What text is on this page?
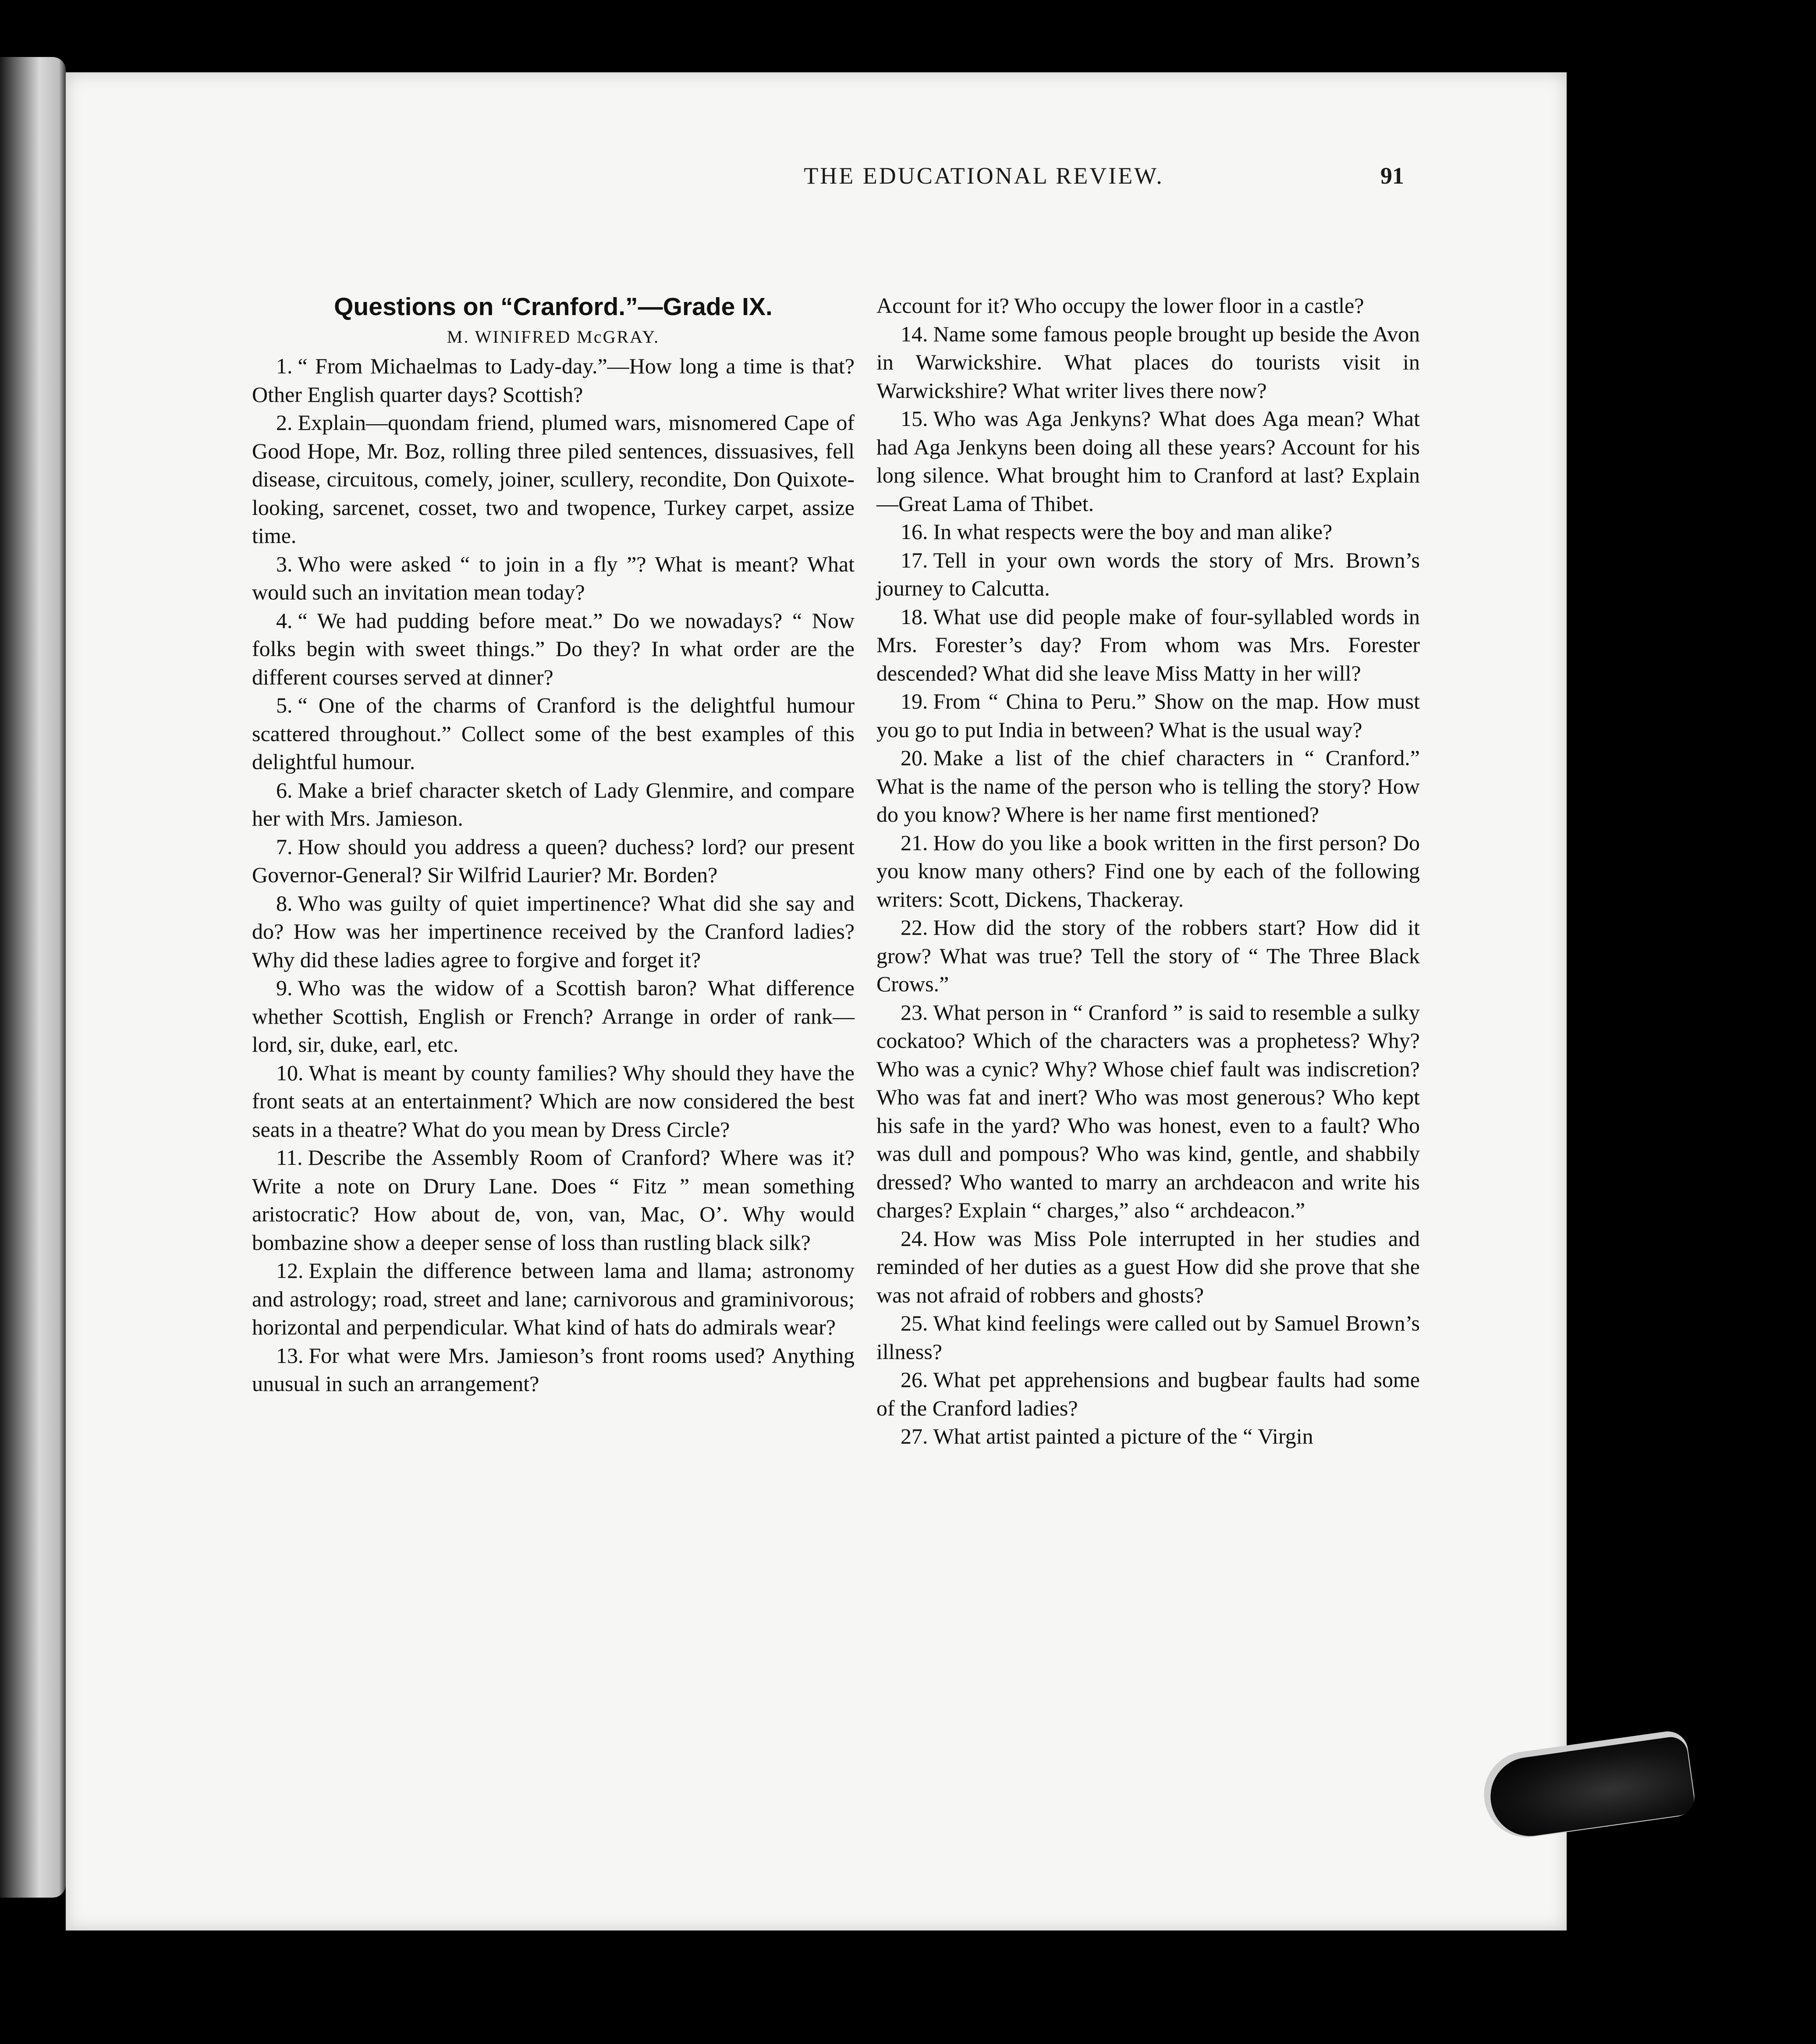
THE EDUCATIONAL REVIEW.	91

Questions on “Cranford.”—Grade IX.

M. WINIFRED McGRAY.

1. “ From Michaelmas to Lady-day.”—How long a time is that? Other English quarter days? Scottish?

2. Explain—quondam friend, plumed wars, misnomered Cape of Good Hope, Mr. Boz, rolling three piled sentences, dissuasives, fell disease, circuitous, comely, joiner, scullery, recondite, Don Quixote-looking, sarcenet, cosset, two and twopence, Turkey carpet, assize time.

3. Who were asked “ to join in a fly ”? What is meant? What would such an invitation mean today?

4. “ We had pudding before meat.” Do we nowadays? “ Now folks begin with sweet things.” Do they? In what order are the different courses served at dinner?

5. “ One of the charms of Cranford is the delightful humour scattered throughout.” Collect some of the best examples of this delightful humour.

6. Make a brief character sketch of Lady Glenmire, and compare her with Mrs. Jamieson.

7. How should you address a queen? duchess? lord? our present Governor-General? Sir Wilfrid Laurier? Mr. Borden?

8. Who was guilty of quiet impertinence? What did she say and do? How was her impertinence received by the Cranford ladies? Why did these ladies agree to forgive and forget it?

9. Who was the widow of a Scottish baron? What difference whether Scottish, English or French? Arrange in order of rank—lord, sir, duke, earl, etc.

10. What is meant by county families? Why should they have the front seats at an entertainment? Which are now considered the best seats in a theatre? What do you mean by Dress Circle?

11. Describe the Assembly Room of Cranford? Where was it? Write a note on Drury Lane. Does “ Fitz ” mean something aristocratic? How about de, von, van, Mac, O’. Why would bombazine show a deeper sense of loss than rustling black silk?

12. Explain the difference between lama and llama; astronomy and astrology; road, street and lane; carnivorous and graminivorous; horizontal and perpendicular. What kind of hats do admirals wear?

13. For what were Mrs. Jamieson’s front rooms used? Anything unusual in such an arrangement?

Account for it? Who occupy the lower floor in a castle?

14. Name some famous people brought up beside the Avon in Warwickshire. What places do tourists visit in Warwickshire? What writer lives there now?

15. Who was Aga Jenkyns? What does Aga mean? What had Aga Jenkyns been doing all these years? Account for his long silence. What brought him to Cranford at last? Explain—Great Lama of Thibet.

16. In what respects were the boy and man alike?

17. Tell in your own words the story of Mrs. Brown’s journey to Calcutta.

18. What use did people make of four-syllabled words in Mrs. Forester’s day? From whom was Mrs. Forester descended? What did she leave Miss Matty in her will?

19. From “ China to Peru.” Show on the map. How must you go to put India in between? What is the usual way?

20. Make a list of the chief characters in “ Cranford.” What is the name of the person who is telling the story? How do you know? Where is her name first mentioned?

21. How do you like a book written in the first person? Do you know many others? Find one by each of the following writers: Scott, Dickens, Thackeray.

22. How did the story of the robbers start? How did it grow? What was true? Tell the story of “ The Three Black Crows.”

23. What person in “ Cranford ” is said to resemble a sulky cockatoo? Which of the characters was a prophetess? Why? Who was a cynic? Why? Whose chief fault was indiscretion? Who was fat and inert? Who was most generous? Who kept his safe in the yard? Who was honest, even to a fault? Who was dull and pompous? Who was kind, gentle, and shabbily dressed? Who wanted to marry an archdeacon and write his charges? Explain “ charges,” also “ archdeacon.”

24. How was Miss Pole interrupted in her studies and reminded of her duties as a guest How did she prove that she was not afraid of robbers and ghosts?

25. What kind feelings were called out by Samuel Brown’s illness?

26. What pet apprehensions and bugbear faults had some of the Cranford ladies?

27. What artist painted a picture of the “ Virgin
